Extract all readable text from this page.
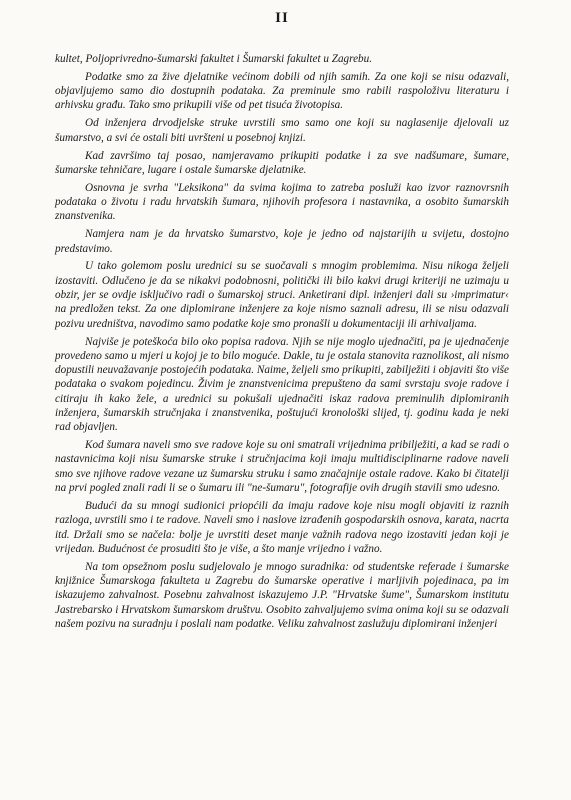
II

kultet, Poljoprivredno-šumarski fakultet i Šumarski fakultet u Zagrebu.

Podatke smo za žive djelatnike većinom dobili od njih samih. Za one koji se nisu odazvali, objavljujemo samo dio dostupnih podataka. Za preminule smo rabili raspoloživu literaturu i arhivsku građu. Tako smo prikupili više od pet tisuća životopisa.

Od inženjera drvodjelske struke uvrstili smo samo one koji su naglasenije djelovali uz šumarstvo, a svi će ostali biti uvršteni u posebnoj knjizi.

Kad završimo taj posao, namjeravamo prikupiti podatke i za sve nadšumare, šumare, šumarske tehničare, lugare i ostale šumarske djelatnike.

Osnovna je svrha "Leksikona" da svima kojima to zatreba posluži kao izvor raznovrsnih podataka o životu i radu hrvatskih šumara, njihovih profesora i nastavnika, a osobito šumarskih znanstvenika.

Namjera nam je da hrvatsko šumarstvo, koje je jedno od najstarijih u svijetu, dostojno predstavimo.

U tako golemom poslu urednici su se suočavali s mnogim problemima. Nisu nikoga željeli izostaviti. Odlučeno je da se nikakvi podobnosni, politički ili bilo kakvi drugi kriteriji ne uzimaju u obzir, jer se ovdje isključivo radi o šumarskoj struci. Anketirani dipl. inženjeri dali su ›imprimatur‹ na predložen tekst. Za one diplomirane inženjere za koje nismo saznali adresu, ili se nisu odazvali pozivu uredništva, navodimo samo podatke koje smo pronašli u dokumentaciji ili arhivaljama.

Najviše je poteškoća bilo oko popisa radova. Njih se nije moglo ujednačiti, pa je ujednačenje provedeno samo u mjeri u kojoj je to bilo moguće. Dakle, tu je ostala stanovita raznolikost, ali nismo dopustili neuvažavanje postojećih podataka. Naime, željeli smo prikupiti, zabilježiti i objaviti što više podataka o svakom pojedincu. Živim je znanstvenicima prepušteno da sami svrstaju svoje radove i citiraju ih kako žele, a urednici su pokušali ujednačiti iskaz radova preminulih diplomiranih inženjera, šumarskih stručnjaka i znanstvenika, poštujući kronološki slijed, tj. godinu kada je neki rad objavljen.

Kod šumara naveli smo sve radove koje su oni smatrali vrijednima pribilježiti, a kad se radi o nastavnicima koji nisu šumarske struke i stručnjacima koji imaju multidisciplinarne radove naveli smo sve njihove radove vezane uz šumarsku struku i samo značajnije ostale radove. Kako bi čitatelji na prvi pogled znali radi li se o šumaru ili "ne-šumaru", fotografije ovih drugih stavili smo udesno.

Budući da su mnogi sudionici priopćili da imaju radove koje nisu mogli objaviti iz raznih razloga, uvrstili smo i te radove. Naveli smo i naslove izrađenih gospodarskih osnova, karata, nacrta itd. Držali smo se načela: bolje je uvrstiti deset manje važnih radova nego izostaviti jedan koji je vrijedan. Budućnost će prosuditi što je više, a što manje vrijedno i važno.

Na tom opsežnom poslu sudjelovalo je mnogo suradnika: od studentske referade i šumarske knjižnice Šumarskoga fakulteta u Zagrebu do šumarske operative i marljivih pojedinaca, pa im iskazujemo zahvalnost. Posebnu zahvalnost iskazujemo J.P. "Hrvatske šume", Šumarskom institutu Jastrebarsko i Hrvatskom šumarskom društvu. Osobito zahvaljujemo svima onima koji su se odazvali našem pozivu na suradnju i poslali nam podatke. Veliku zahvalnost zaslužuju diplomirani inženjeri
